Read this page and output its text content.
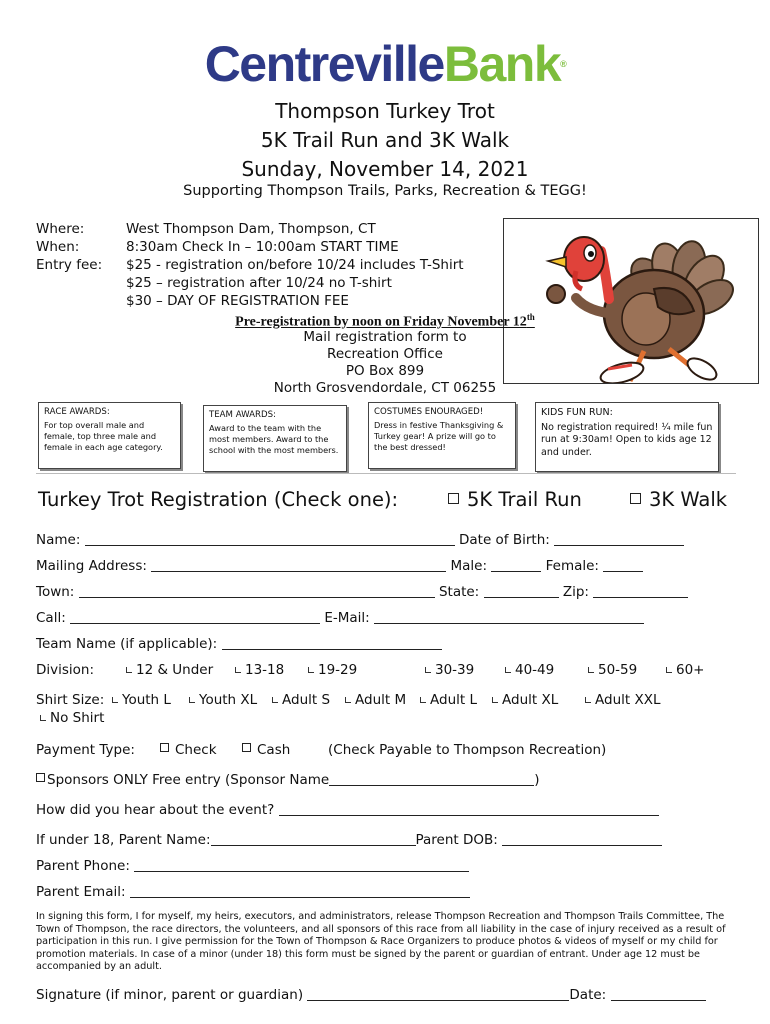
CentrevilleBank®
Thompson Turkey Trot
5K Trail Run and 3K Walk
Sunday, November 14, 2021
Supporting Thompson Trails, Parks, Recreation & TEGG!
Where:	West Thompson Dam, Thompson, CT
When:	8:30am Check In – 10:00am START TIME
Entry fee: $25 - registration on/before 10/24 includes T-Shirt
$25 – registration after 10/24 no T-shirt
$30 – DAY OF REGISTRATION FEE
Pre-registration by noon on Friday November 12th
Mail registration form to
Recreation Office
PO Box 899
North Grosvendordale, CT 06255
RACE AWARDS:
For top overall male and female, top three male and female in each age category.
TEAM AWARDS:
Award to the team with the most members. Award to the school with the most members.
COSTUMES ENOURAGED!
Dress in festive Thanksgiving & Turkey gear! A prize will go to the best dressed!
KIDS FUN RUN:
No registration required! ¼ mile fun run at 9:30am! Open to kids age 12 and under.
Turkey Trot Registration (Check one):	5K Trail Run	3K Walk
Name:	Date of Birth:
Mailing Address:	Male:	Female:
Town:	State:	Zip:
Call:	E-Mail:
Team Name (if applicable):
Division:	12 & Under	13-18	19-29	30-39	40-49	50-59	60+
Shirt Size:	Youth L	Youth XL	Adult S	Adult M	Adult L	Adult XL	Adult XXL
No Shirt
Payment Type:	Check	Cash	(Check Payable to Thompson Recreation)
Sponsors ONLY Free entry (Sponsor Name	)
How did you hear about the event?
If under 18, Parent Name:	Parent DOB:
Parent Phone:
Parent Email:
In signing this form, I for myself, my heirs, executors, and administrators, release Thompson Recreation and Thompson Trails Committee, The Town of Thompson, the race directors, the volunteers, and all sponsors of this race from all liability in the case of injury received as a result of participation in this run. I give permission for the Town of Thompson & Race Organizers to produce photos & videos of myself or my child for promotion materials. In case of a minor (under 18) this form must be signed by the parent or guardian of entrant. Under age 12 must be accompanied by an adult.
Signature (if minor, parent or guardian)	Date:
